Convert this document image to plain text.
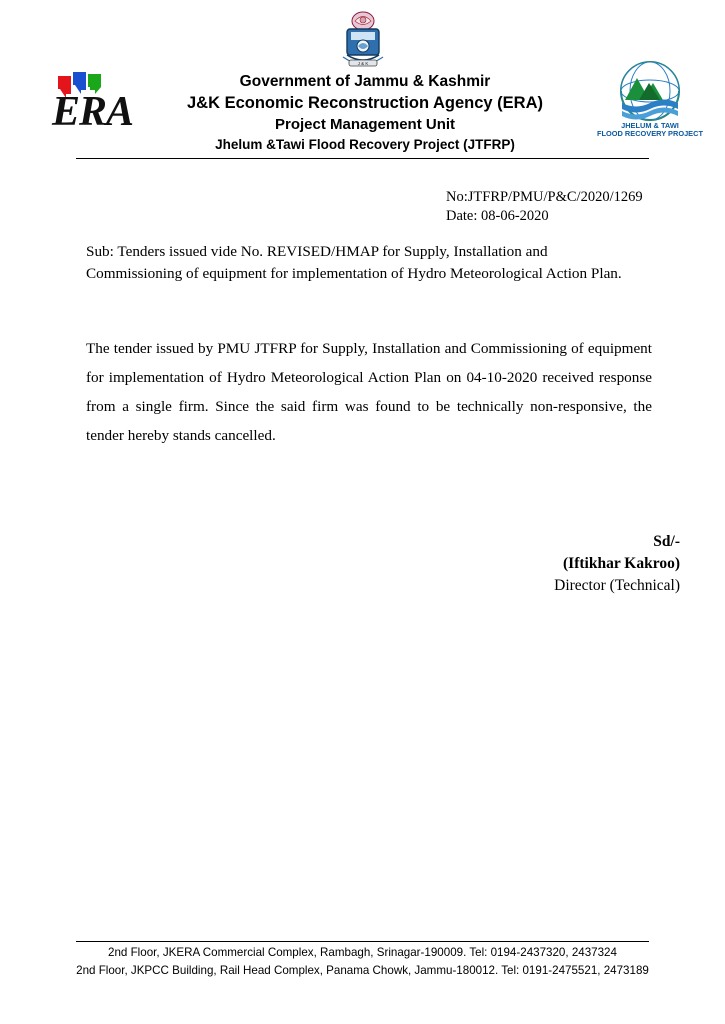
J & K
ERA	JHELUM & TAWI
FLOOD RECOVERY PROJECT
Government of Jammu & Kashmir
J&K Economic Reconstruction Agency (ERA)
Project Management Unit
Jhelum &Tawi Flood Recovery Project (JTFRP)
No:JTFRP/PMU/P&C/2020/1269
Date: 08-06-2020
Sub: Tenders issued vide No. REVISED/HMAP for Supply, Installation and Commissioning of equipment for implementation of Hydro Meteorological Action Plan.
The tender issued by PMU JTFRP for Supply, Installation and Commissioning of equipment for implementation of Hydro Meteorological Action Plan on 04-10-2020 received response from a single firm. Since the said firm was found to be technically non-responsive, the tender hereby stands cancelled.
Sd/-
(Iftikhar Kakroo)
Director (Technical)
2nd Floor, JKERA Commercial Complex, Rambagh, Srinagar-190009. Tel: 0194-2437320, 2437324
2nd Floor, JKPCC Building, Rail Head Complex, Panama Chowk, Jammu-180012. Tel: 0191-2475521, 2473189
